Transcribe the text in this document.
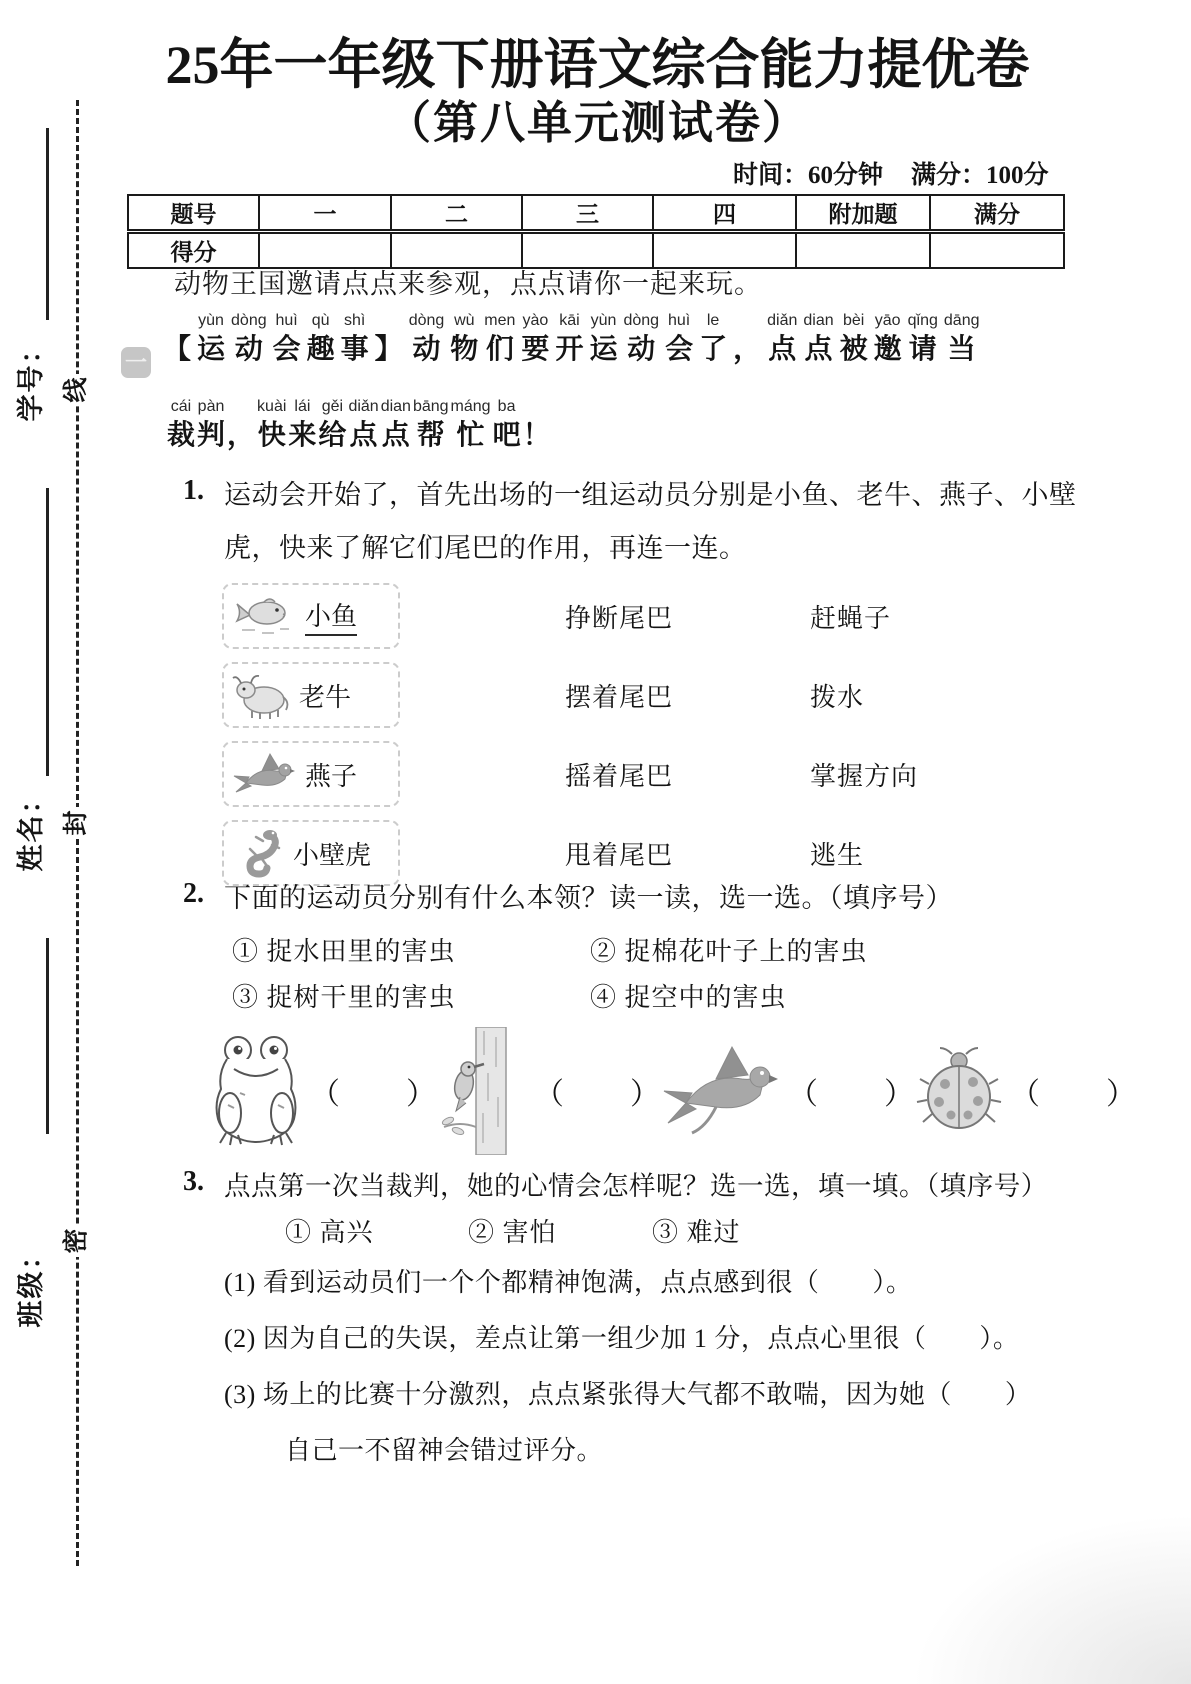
学号：
姓名：
班级：
线
封
密
25年一年级下册语文综合能力提优卷
（第八单元测试卷）
时间：60分钟 满分：100分
题号	一	二	三	四	附加题	满分
得分						
动物王国邀请点点来参观，点点请你一起来玩。
一 【
yùn
运
dòng
动
huì
会
qù
趣
shì
事 】
dòng
动
wù
物
men
们
yào
要
kāi
开
yùn
运
dòng
动
huì
会
le
了 ，
diǎn
点
dian
点
bèi
被
yāo
邀
qǐng
请
dāng
当
cái
裁
pàn
判 ，
kuài
快
lái
来
gěi
给
diǎn
点
dian
点
bāng
帮
máng
忙
ba
吧 ！
1. 运动会开始了，首先出场的一组运动员分别是小鱼、老牛、燕子、小壁虎，快来了解它们尾巴的作用，再连一连。
小鱼	挣断尾巴	赶蝇子
老牛	摆着尾巴	拨水
燕子	摇着尾巴	掌握方向
小壁虎	甩着尾巴	逃生
2. 下面的运动员分别有什么本领？读一读，选一选。（填序号）
① 捉水田里的害虫	② 捉棉花叶子上的害虫
③ 捉树干里的害虫	④ 捉空中的害虫
（　　）	（　　）	（　　）	（　　）
3. 点点第一次当裁判，她的心情会怎样呢？选一选，填一填。（填序号）
① 高兴	② 害怕	③ 难过
(1) 看到运动员们一个个都精神饱满，点点感到很（　　）。
(2) 因为自己的失误，差点让第一组少加 1 分，点点心里很（　　）。
(3) 场上的比赛十分激烈，点点紧张得大气都不敢喘，因为她（　　）
自己一不留神会错过评分。
